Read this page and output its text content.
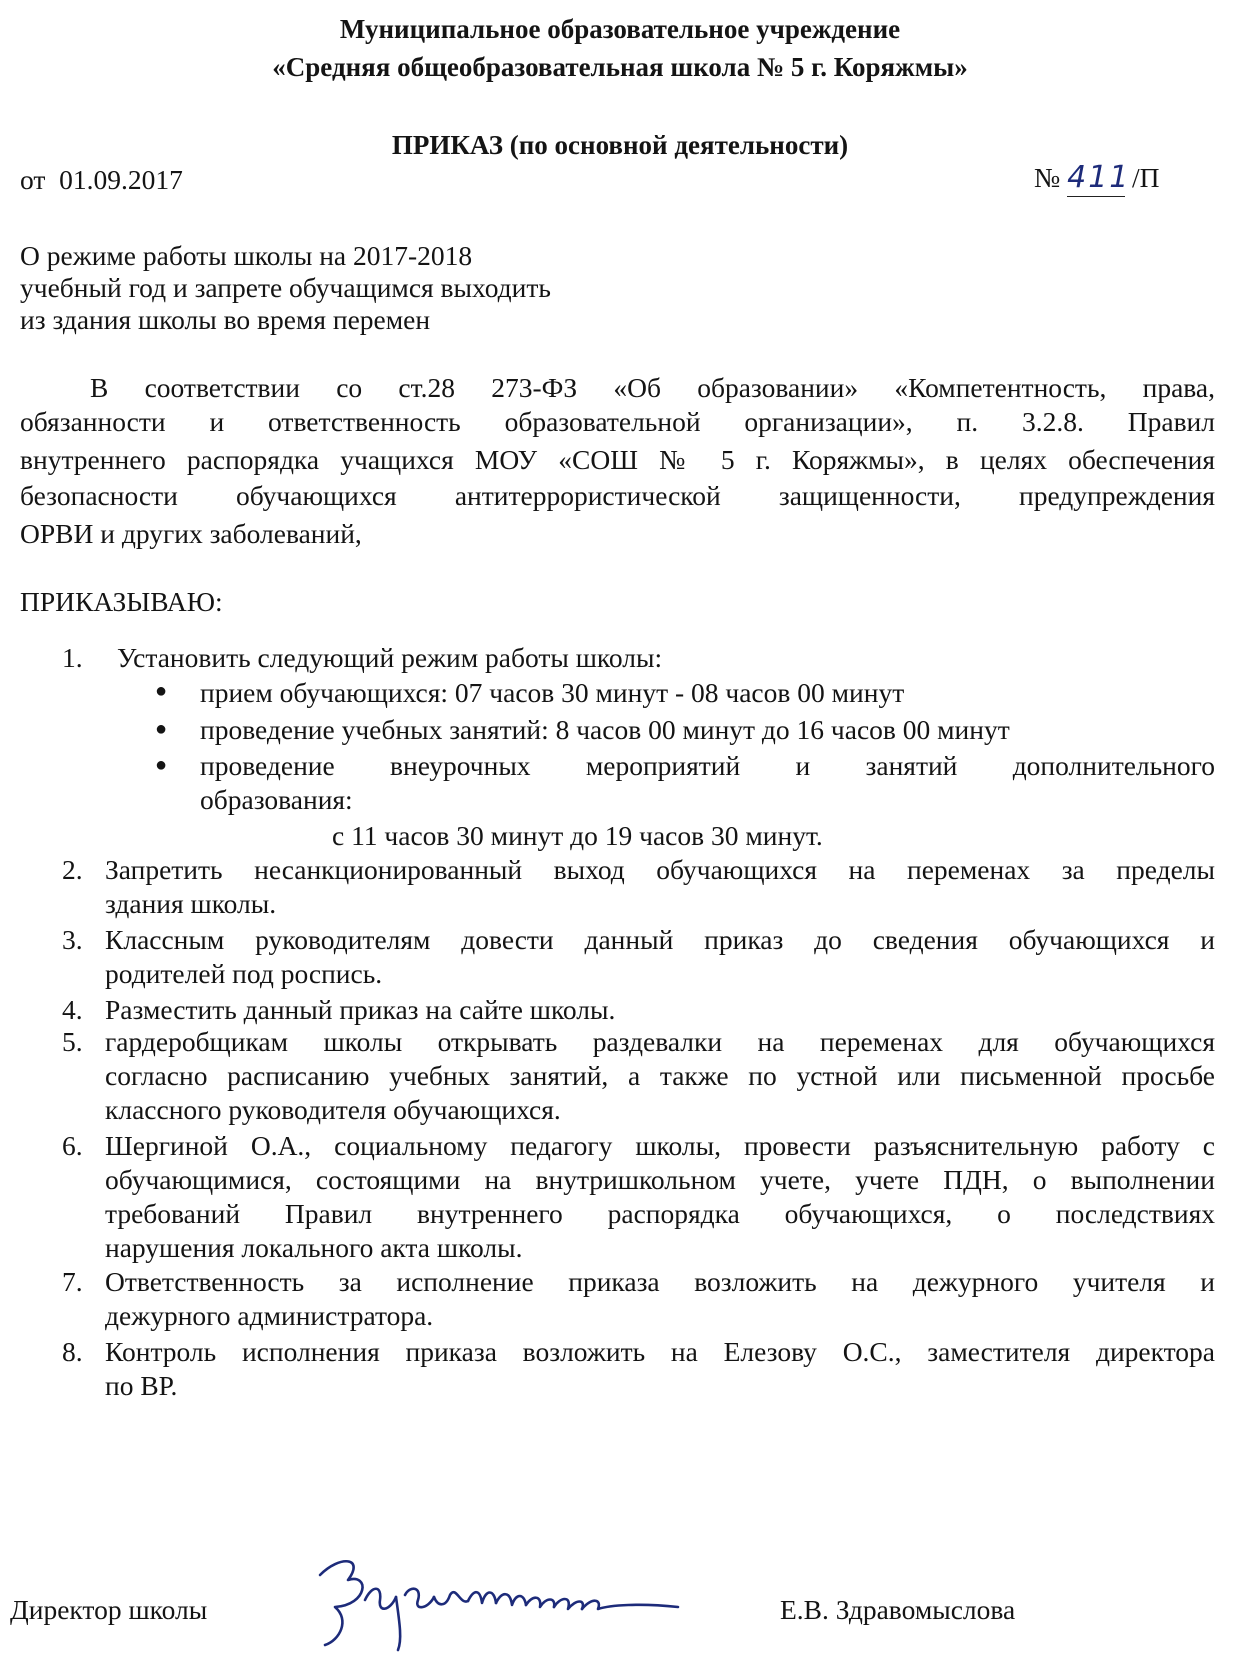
Муниципальное образовательное учреждение
«Средняя общеобразовательная школа № 5 г. Коряжмы»
ПРИКАЗ (по основной деятельности)
от 01.09.2017	№ 411 /П
О режиме работы школы на 2017-2018
учебный год и запрете обучащимся выходить
из здания школы во время перемен
В соответствии со ст.28 273-ФЗ «Об образовании» «Компетентность, права,
обязанности и ответственность образовательной организации», п. 3.2.8. Правил
внутреннего распорядка учащихся МОУ «СОШ № 5 г. Коряжмы», в целях обеспечения
безопасности обучающихся антитеррористической защищенности, предупреждения
ОРВИ и других заболеваний,
ПРИКАЗЫВАЮ:
1. Установить следующий режим работы школы:
● прием обучающихся: 07 часов 30 минут - 08 часов 00 минут
● проведение учебных занятий: 8 часов 00 минут до 16 часов 00 минут
● проведение внеурочных мероприятий и занятий дополнительного
образования:
с 11 часов 30 минут до 19 часов 30 минут.
2. Запретить несанкционированный выход обучающихся на переменах за пределы
здания школы.
3. Классным руководителям довести данный приказ до сведения обучающихся и
родителей под роспись.
4. Разместить данный приказ на сайте школы.
5. гардеробщикам школы открывать раздевалки на переменах для обучающихся
согласно расписанию учебных занятий, а также по устной или письменной просьбе
классного руководителя обучающихся.
6. Шергиной О.А., социальному педагогу школы, провести разъяснительную работу с
обучающимися, состоящими на внутришкольном учете, учете ПДН, о выполнении
требований Правил внутреннего распорядка обучающихся, о последствиях
нарушения локального акта школы.
7. Ответственность за исполнение приказа возложить на дежурного учителя и
дежурного администратора.
8. Контроль исполнения приказа возложить на Елезову О.С., заместителя директора
по ВР.
Директор школы	Е.В. Здравомыслова
